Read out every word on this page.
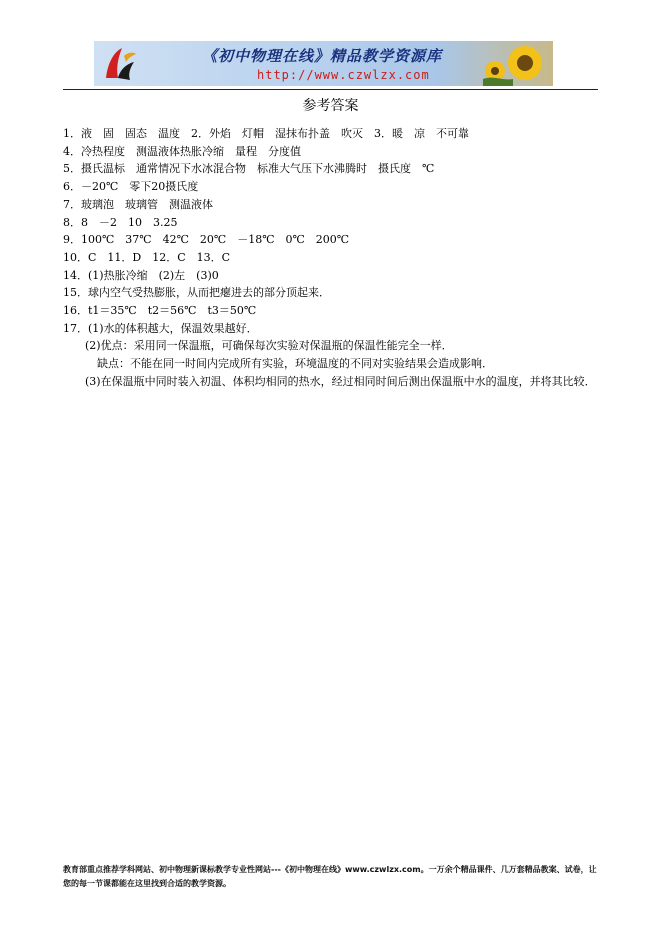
《初中物理在线》精品教学资源库
http://www.czwlzx.com
参考答案
1．液　固　固态　温度　2．外焰　灯帽　湿抹布扑盖　吹灭　3．暖　凉　不可靠
4．冷热程度　测温液体热胀冷缩　量程　分度值
5．摄氏温标　通常情况下水冰混合物　标准大气压下水沸腾时　摄氏度　℃
6．－20℃　零下20摄氏度
7．玻璃泡　玻璃管　测温液体
8．8　－2　10　3.25
9．100℃　37℃　42℃　20℃　－18℃　0℃　200℃
10．C　11．D　12．C　13．C
14．(1)热胀冷缩　(2)左　(3)0
15．球内空气受热膨胀，从而把瘪进去的部分顶起来．
16．t1＝35℃　t2＝56℃　t3＝50℃
17．(1)水的体积越大，保温效果越好．
(2)优点：采用同一保温瓶，可确保每次实验对保温瓶的保温性能完全一样．
缺点：不能在同一时间内完成所有实验，环境温度的不同对实验结果会造成影响．
(3)在保温瓶中同时装入初温、体积均相同的热水，经过相同时间后测出保温瓶中水的温度，并将其比较．
教育部重点推荐学科网站、初中物理新课标教学专业性网站---《初中物理在线》www.czwlzx.com。一万余个精品课件、几万套精品教案、试卷，让您的每一节课都能在这里找到合适的教学资源。
